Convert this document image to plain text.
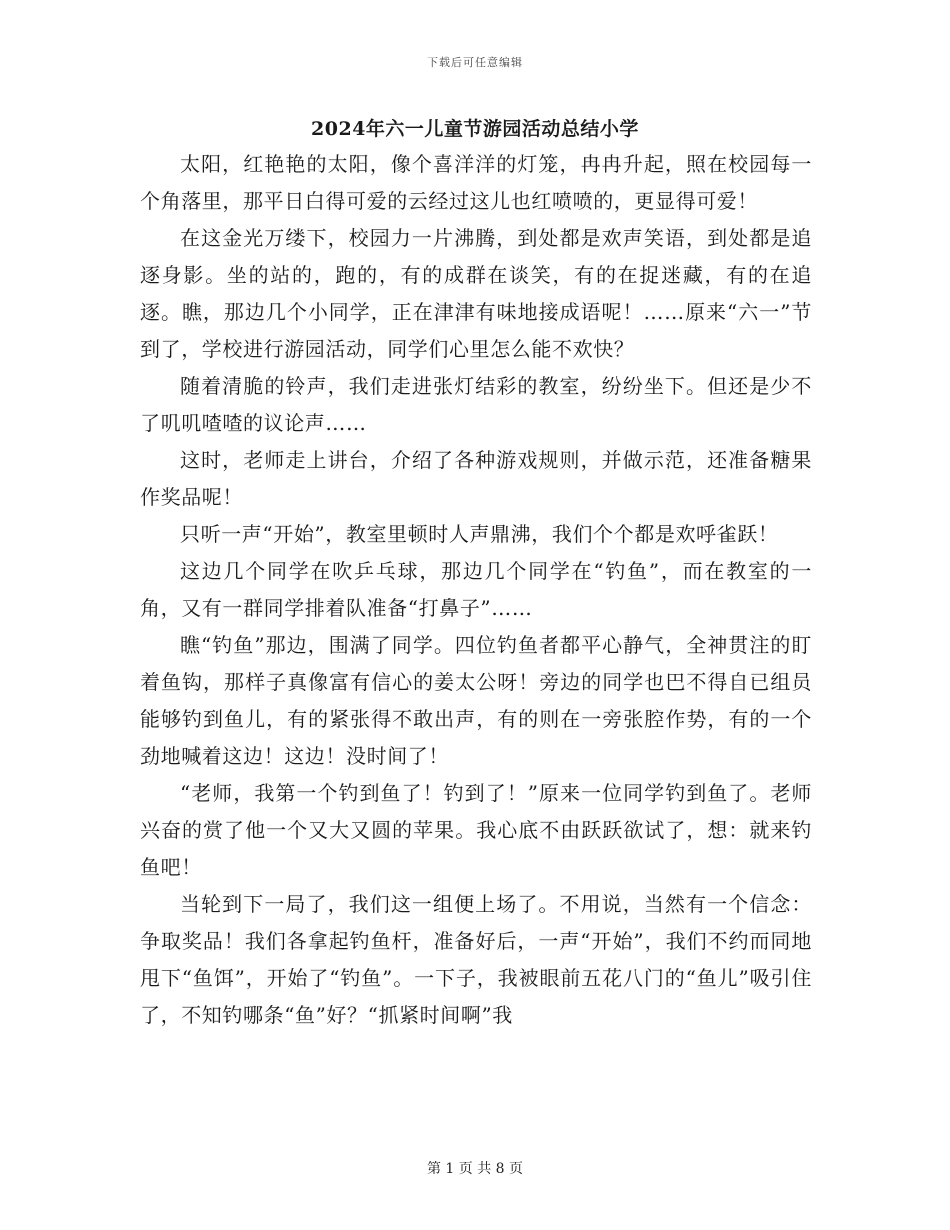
下载后可任意编辑
2024年六一儿童节游园活动总结小学

太阳，红艳艳的太阳，像个喜洋洋的灯笼，冉冉升起，照在校园每一个角落里，那平日白得可爱的云经过这儿也红喷喷的，更显得可爱！

在这金光万缕下，校园力一片沸腾，到处都是欢声笑语，到处都是追逐身影。坐的站的，跑的，有的成群在谈笑，有的在捉迷藏，有的在追逐。瞧，那边几个小同学，正在津津有味地接成语呢！……原来“六一”节到了，学校进行游园活动，同学们心里怎么能不欢快？

随着清脆的铃声，我们走进张灯结彩的教室，纷纷坐下。但还是少不了叽叽喳喳的议论声……

这时，老师走上讲台，介绍了各种游戏规则，并做示范，还准备糖果作奖品呢！

只听一声“开始”，教室里顿时人声鼎沸，我们个个都是欢呼雀跃！

这边几个同学在吹乒乓球，那边几个同学在“钓鱼”，而在教室的一角，又有一群同学排着队准备“打鼻子”……

瞧“钓鱼”那边，围满了同学。四位钓鱼者都平心静气，全神贯注的盯着鱼钩，那样子真像富有信心的姜太公呀！旁边的同学也巴不得自已组员能够钓到鱼儿，有的紧张得不敢出声，有的则在一旁张腔作势，有的一个劲地喊着这边！这边！没时间了！

“老师，我第一个钓到鱼了！钓到了！”原来一位同学钓到鱼了。老师兴奋的赏了他一个又大又圆的苹果。我心底不由跃跃欲试了，想：就来钓鱼吧！

当轮到下一局了，我们这一组便上场了。不用说，当然有一个信念：争取奖品！我们各拿起钓鱼杆，准备好后，一声“开始”，我们不约而同地甩下“鱼饵”，开始了“钓鱼”。一下子，我被眼前五花八门的“鱼儿”吸引住了，不知钓哪条“鱼”好？“抓紧时间啊”我

第 1 页 共 8 页
